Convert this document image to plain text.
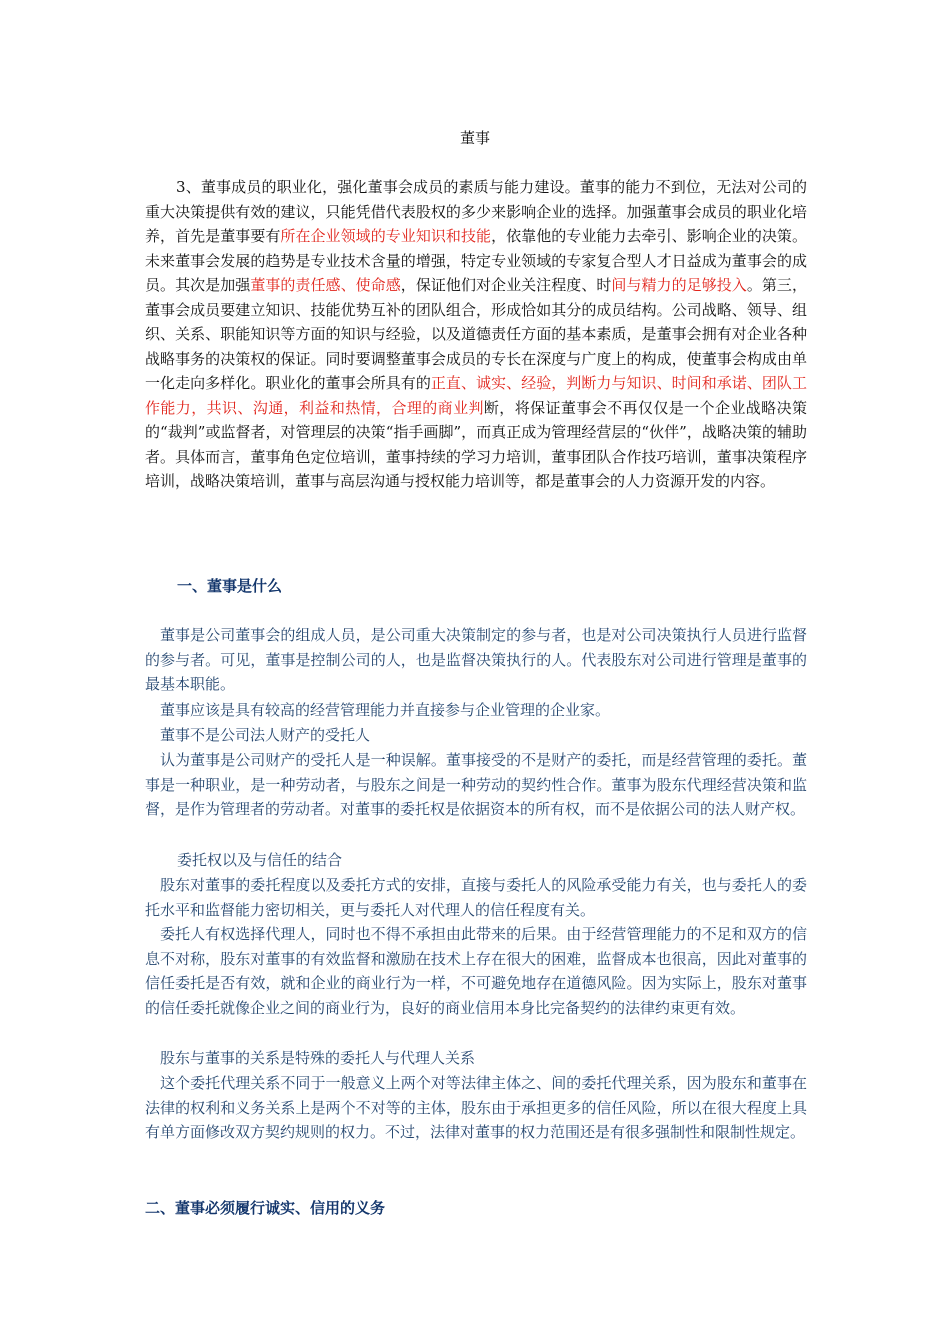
董事
3、董事成员的职业化，强化董事会成员的素质与能力建设。董事的能力不到位，无法对公司的重大决策提供有效的建议，只能凭借代表股权的多少来影响企业的选择。加强董事会成员的职业化培养，首先是董事要有所在企业领域的专业知识和技能，依靠他的专业能力去牵引、影响企业的决策。未来董事会发展的趋势是专业技术含量的增强，特定专业领域的专家复合型人才日益成为董事会的成员。其次是加强董事的责任感、使命感，保证他们对企业关注程度、时间与精力的足够投入。第三，董事会成员要建立知识、技能优势互补的团队组合，形成恰如其分的成员结构。公司战略、领导、组织、关系、职能知识等方面的知识与经验，以及道德责任方面的基本素质，是董事会拥有对企业各种战略事务的决策权的保证。同时要调整董事会成员的专长在深度与广度上的构成，使董事会构成由单一化走向多样化。职业化的董事会所具有的正直、诚实、经验，判断力与知识、时间和承诺、团队工作能力，共识、沟通，利益和热情，合理的商业判断，将保证董事会不再仅仅是一个企业战略决策的“裁判”或监督者，对管理层的决策“指手画脚”，而真正成为管理经营层的“伙伴”，战略决策的辅助者。具体而言，董事角色定位培训，董事持续的学习力培训，董事团队合作技巧培训，董事决策程序培训，战略决策培训，董事与高层沟通与授权能力培训等，都是董事会的人力资源开发的内容。
一、董事是什么
董事是公司董事会的组成人员，是公司重大决策制定的参与者，也是对公司决策执行人员进行监督的参与者。可见，董事是控制公司的人，也是监督决策执行的人。代表股东对公司进行管理是董事的最基本职能。
董事应该是具有较高的经营管理能力并直接参与企业管理的企业家。
董事不是公司法人财产的受托人
认为董事是公司财产的受托人是一种误解。董事接受的不是财产的委托，而是经营管理的委托。董事是一种职业，是一种劳动者，与股东之间是一种劳动的契约性合作。董事为股东代理经营决策和监督，是作为管理者的劳动者。对董事的委托权是依据资本的所有权，而不是依据公司的法人财产权。
委托权以及与信任的结合
股东对董事的委托程度以及委托方式的安排，直接与委托人的风险承受能力有关，也与委托人的委托水平和监督能力密切相关，更与委托人对代理人的信任程度有关。
委托人有权选择代理人，同时也不得不承担由此带来的后果。由于经营管理能力的不足和双方的信息不对称，股东对董事的有效监督和激励在技术上存在很大的困难，监督成本也很高，因此对董事的信任委托是否有效，就和企业的商业行为一样，不可避免地存在道德风险。因为实际上，股东对董事的信任委托就像企业之间的商业行为，良好的商业信用本身比完备契约的法律约束更有效。
股东与董事的关系是特殊的委托人与代理人关系
这个委托代理关系不同于一般意义上两个对等法律主体之、间的委托代理关系，因为股东和董事在法律的权利和义务关系上是两个不对等的主体，股东由于承担更多的信任风险，所以在很大程度上具有单方面修改双方契约规则的权力。不过，法律对董事的权力范围还是有很多强制性和限制性规定。
二、董事必须履行诚实、信用的义务
